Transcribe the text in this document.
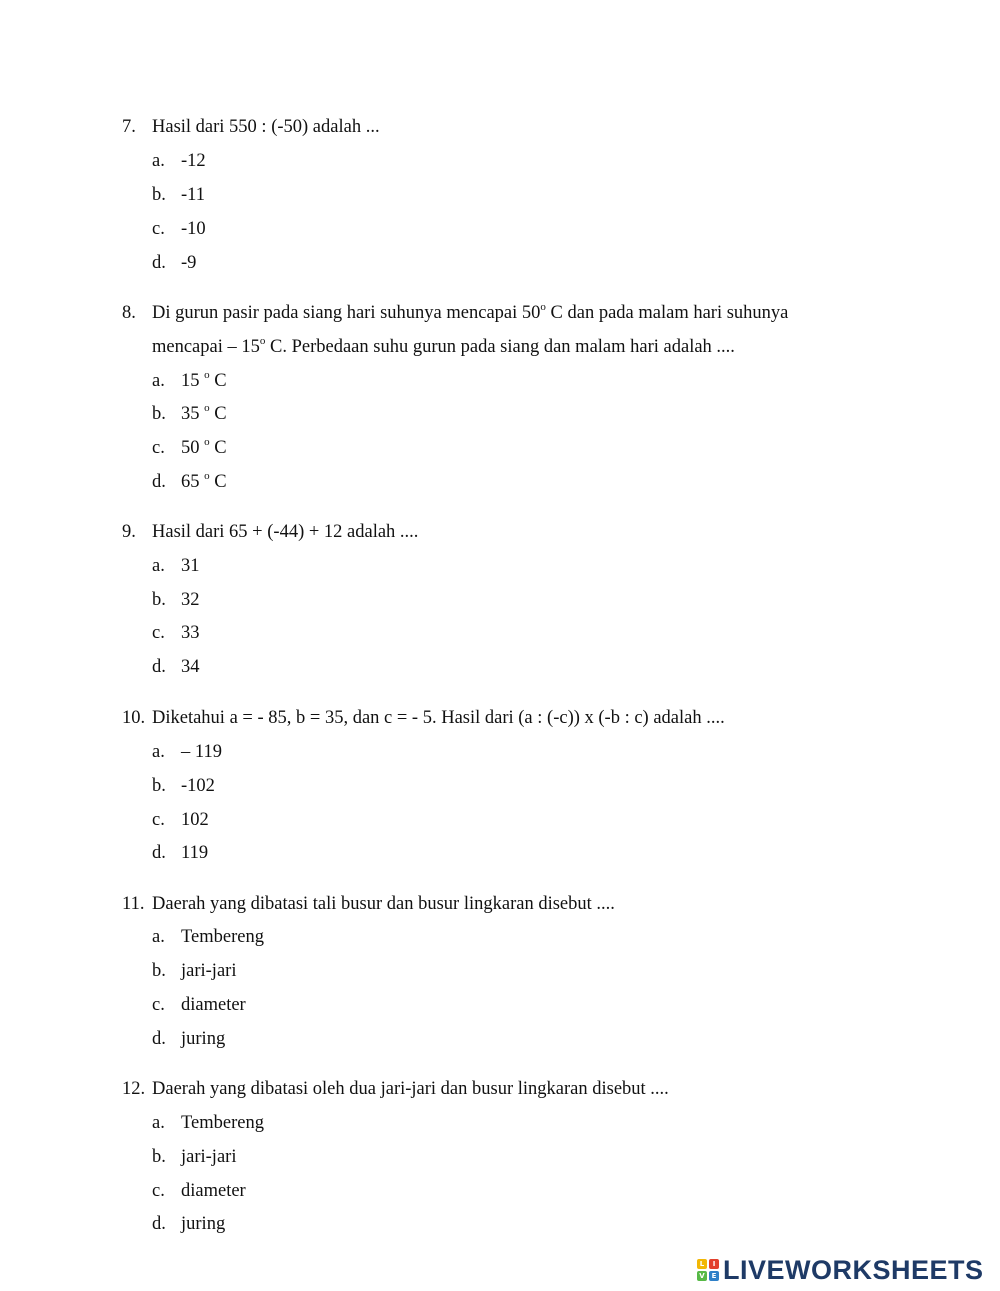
7. Hasil dari 550 : (-50) adalah ...
a. -12
b. -11
c. -10
d. -9
8. Di gurun pasir pada siang hari suhunya mencapai 50$^o$ C dan pada malam hari suhunya
mencapai – 15$^o$ C. Perbedaan suhu gurun pada siang dan malam hari adalah ....
a. 15 $^o$ C
b. 35 $^o$ C
c. 50 $^o$ C
d. 65 $^o$ C
9. Hasil dari 65 + (-44) + 12 adalah ....
a. 31
b. 32
c. 33
d. 34
10. Diketahui a = - 85, b = 35, dan c = - 5. Hasil dari (a : (-c)) x (-b : c) adalah ....
a. – 119
b. -102
c. 102
d. 119
11. Daerah yang dibatasi tali busur dan busur lingkaran disebut ....
a. Tembereng
b. jari-jari
c. diameter
d. juring
12. Daerah yang dibatasi oleh dua jari-jari dan busur lingkaran disebut ....
a. Tembereng
b. jari-jari
c. diameter
d. juring
L	I
V E LIVEWORKSHEETS
